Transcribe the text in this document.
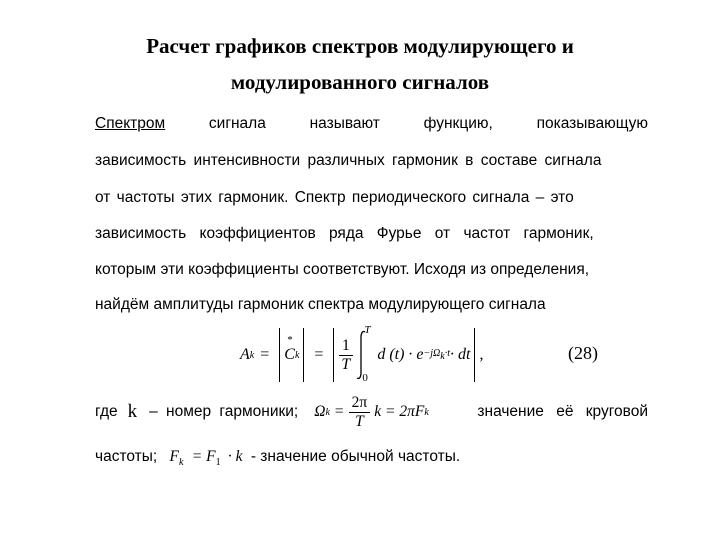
Расчет графиков спектров модулирующего и
модулированного сигналов
Спектром	сигнала	называют	функцию,	показывающую
зависимость интенсивности различных гармоник в составе сигнала
от частоты этих гармоник. Спектр периодического сигнала – это
зависимость коэффициентов ряда Фурье от частот гармоник,
которым эти коэффициенты соответствуют. Исходя из определения,
найдём амплитуды гармоник спектра модулирующего сигнала
A k =
*
C $k = \frac{1}{T}$
T
0
d $(t) \cdot e -j\Omega_k\cdot t$ · dt ,	(28)
где k – номер гармоники; Ω $k = \frac{2\pi}{T}$ k = 2πF k	значение её круговой
частоты; $F_k = F_1 \cdot k$ - значение обычной частоты.
